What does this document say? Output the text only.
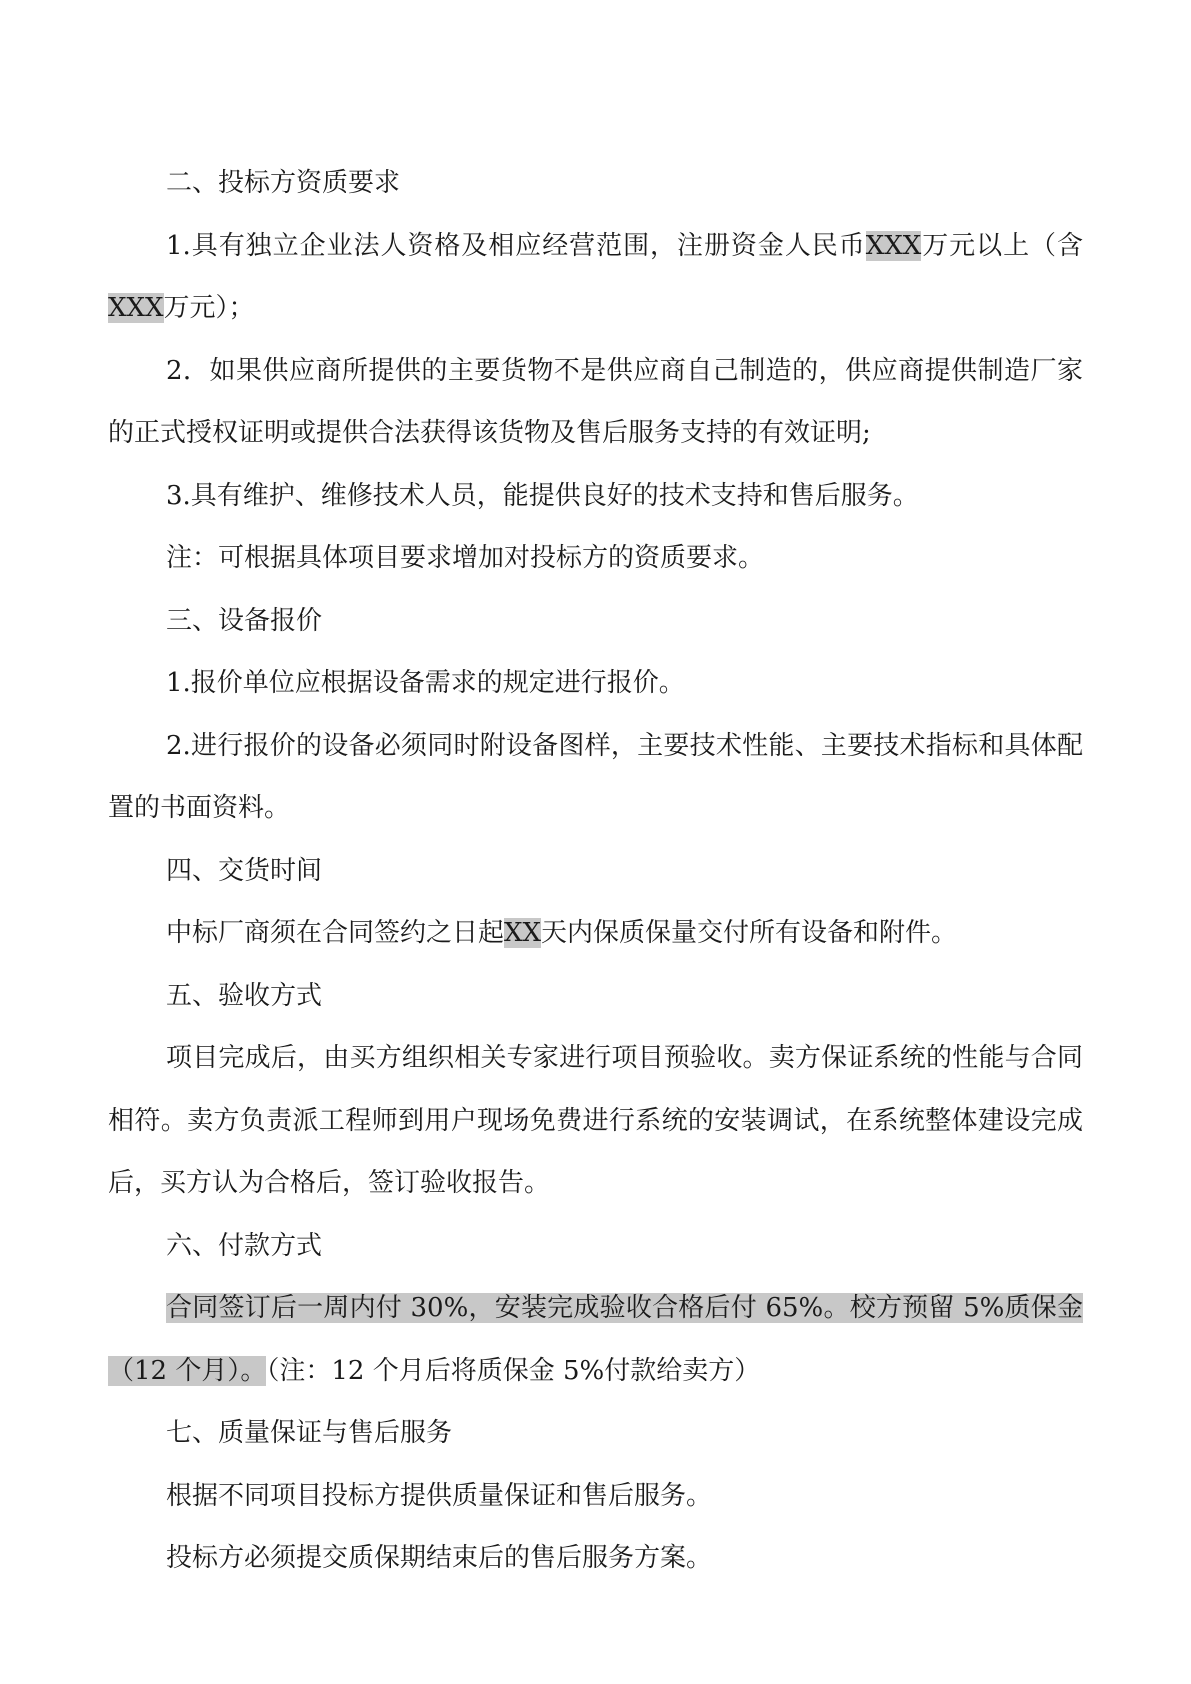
二、投标方资质要求

1.具有独立企业法人资格及相应经营范围，注册资金人民币XXX万元以上（含XXX万元）；

2．如果供应商所提供的主要货物不是供应商自己制造的，供应商提供制造厂家的正式授权证明或提供合法获得该货物及售后服务支持的有效证明;

3.具有维护、维修技术人员，能提供良好的技术支持和售后服务。

注：可根据具体项目要求增加对投标方的资质要求。

三、设备报价

1.报价单位应根据设备需求的规定进行报价。

2.进行报价的设备必须同时附设备图样，主要技术性能、主要技术指标和具体配置的书面资料。

四、交货时间

中标厂商须在合同签约之日起XX天内保质保量交付所有设备和附件。

五、验收方式

项目完成后，由买方组织相关专家进行项目预验收。卖方保证系统的性能与合同相符。卖方负责派工程师到用户现场免费进行系统的安装调试，在系统整体建设完成后，买方认为合格后，签订验收报告。

六、付款方式

合同签订后一周内付 30%，安装完成验收合格后付 65%。校方预留 5%质保金（12 个月）。（注：12 个月后将质保金 5%付款给卖方）

七、质量保证与售后服务

根据不同项目投标方提供质量保证和售后服务。

投标方必须提交质保期结束后的售后服务方案。
